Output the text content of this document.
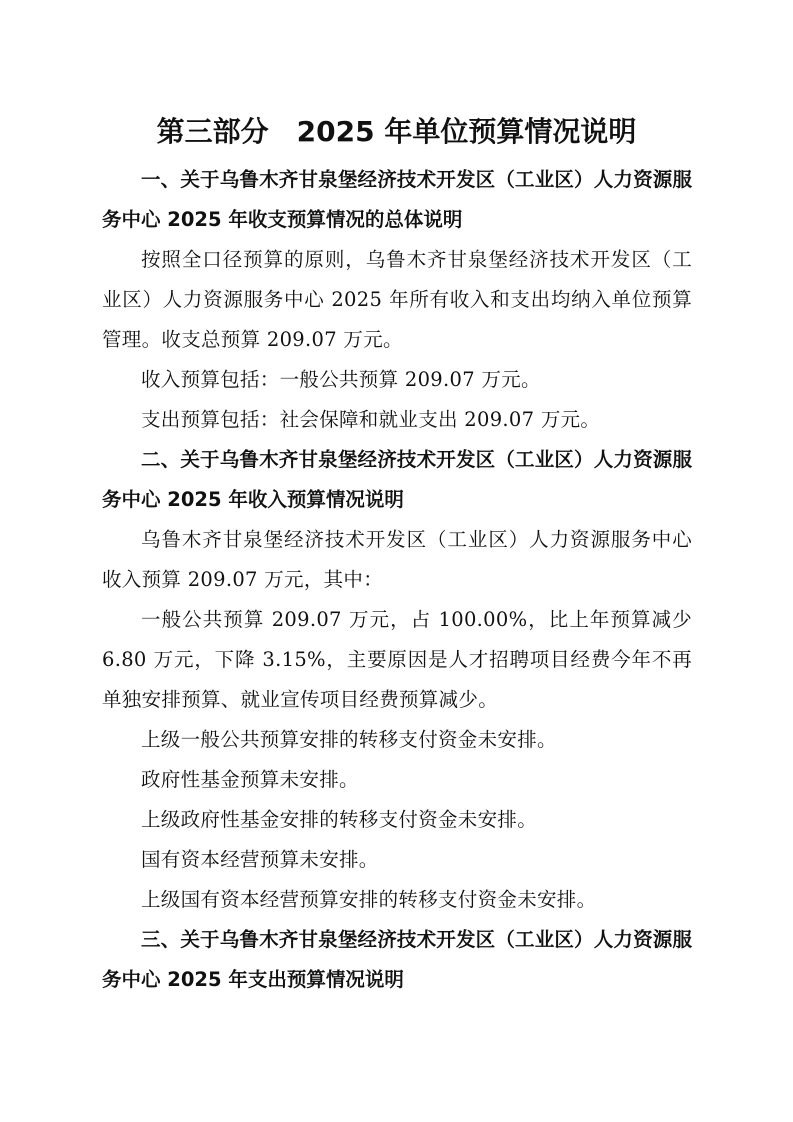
第三部分 2025 年单位预算情况说明

一、关于乌鲁木齐甘泉堡经济技术开发区（工业区）人力资源服务中心 2025 年收支预算情况的总体说明

按照全口径预算的原则，乌鲁木齐甘泉堡经济技术开发区（工业区）人力资源服务中心 2025 年所有收入和支出均纳入单位预算管理。收支总预算 209.07 万元。

收入预算包括：一般公共预算 209.07 万元。

支出预算包括：社会保障和就业支出 209.07 万元。

二、关于乌鲁木齐甘泉堡经济技术开发区（工业区）人力资源服务中心 2025 年收入预算情况说明

乌鲁木齐甘泉堡经济技术开发区（工业区）人力资源服务中心收入预算 209.07 万元，其中：

一般公共预算 209.07 万元，占 100.00%，比上年预算减少 6.80 万元，下降 3.15%，主要原因是人才招聘项目经费今年不再单独安排预算、就业宣传项目经费预算减少。

上级一般公共预算安排的转移支付资金未安排。

政府性基金预算未安排。

上级政府性基金安排的转移支付资金未安排。

国有资本经营预算未安排。

上级国有资本经营预算安排的转移支付资金未安排。

三、关于乌鲁木齐甘泉堡经济技术开发区（工业区）人力资源服务中心 2025 年支出预算情况说明
